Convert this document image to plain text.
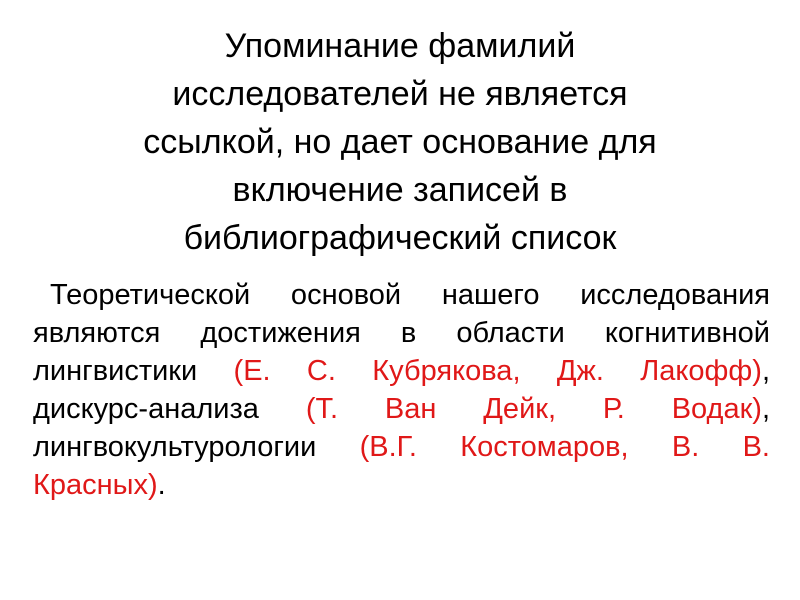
Упоминание фамилий
исследователей не является
ссылкой, но дает основание для
включение записей в
библиографический список
Теоретической основой нашего исследования
являются достижения в области когнитивной
лингвистики (Е. С. Кубрякова, Дж. Лакофф),
дискурс-анализа (Т. Ван Дейк, Р. Водак),
лингвокультурологии (В.Г. Костомаров, В. В.
Красных).
